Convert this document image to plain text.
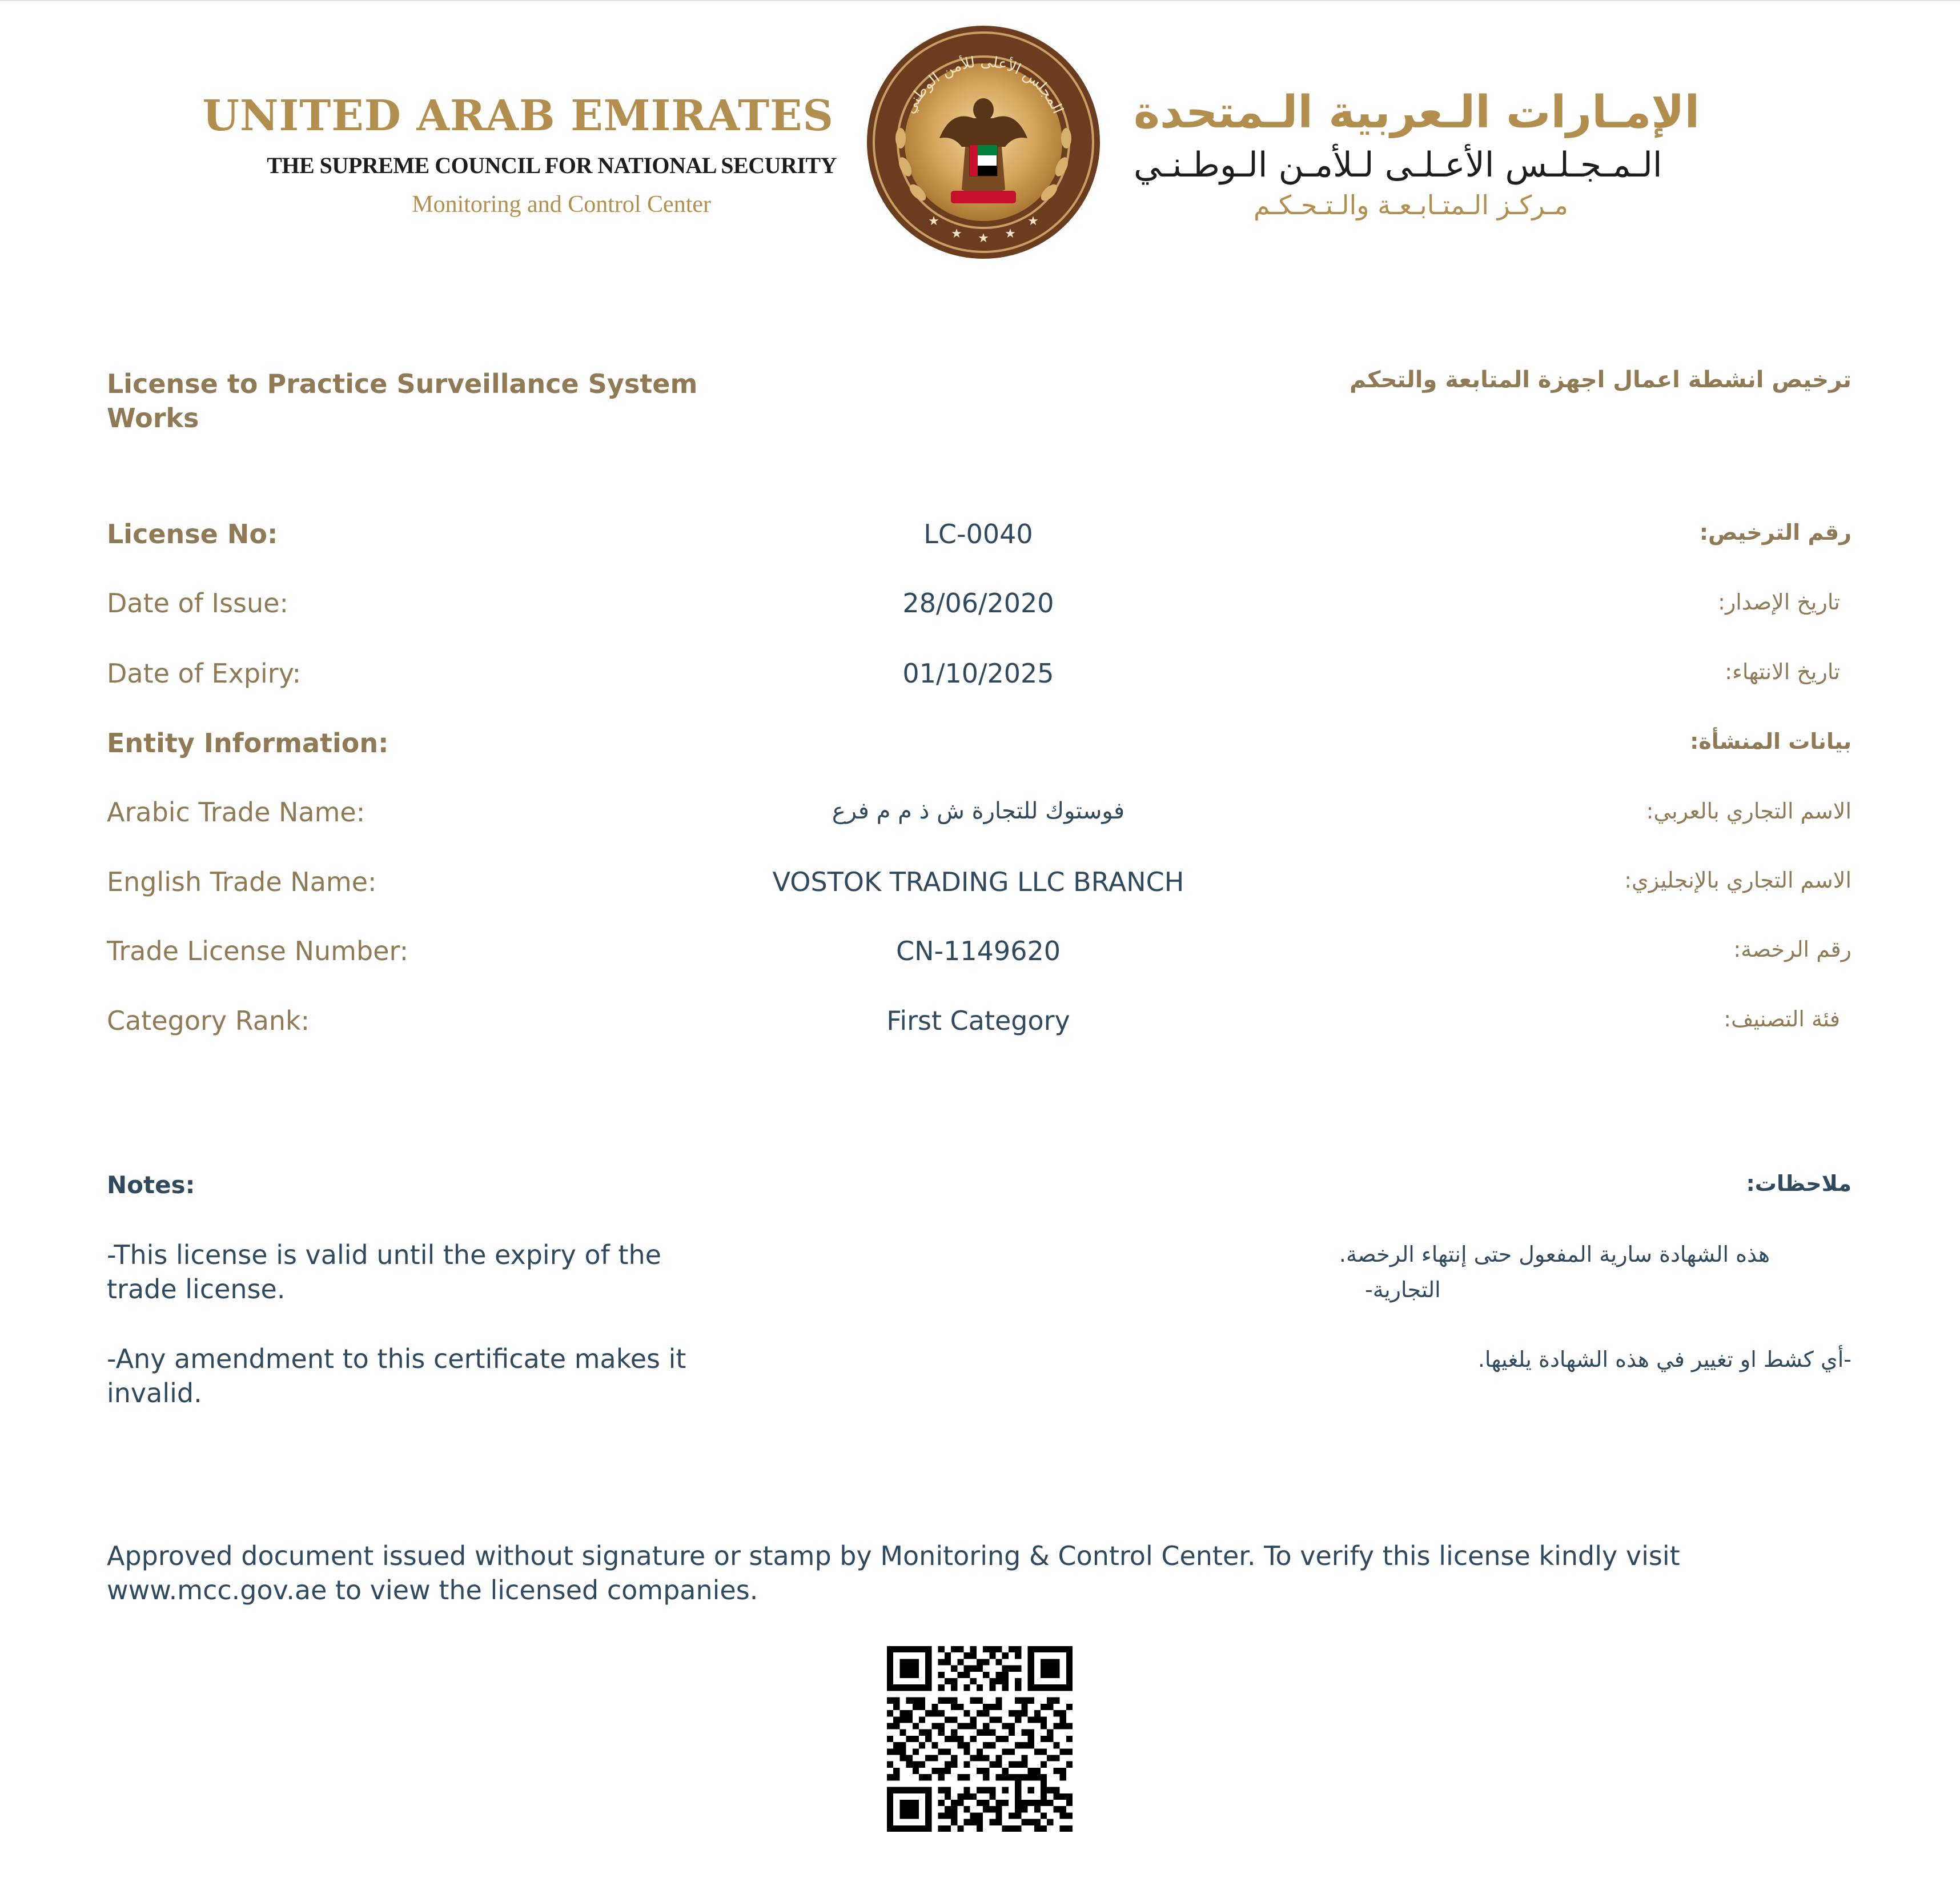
UNITED ARAB EMIRATES
THE SUPREME COUNCIL FOR NATIONAL SECURITY
Monitoring and Control Center
المجلس الأعلى للأمن الوطني
★
★ ★ ★
★
الإمـارات الـعربية الـمتحدة
الـمـجـلـس الأعـلـى لـلأمـن الـوطـنـي
مـركـز الـمتـابـعـة والـتـحـكـم
License to Practice Surveillance System Works
ترخيص انشطة اعمال اجهزة المتابعة والتحكم
License No:	LC-0040	رقم الترخيص:
Date of Issue:	28/06/2020	تاريخ الإصدار:
Date of Expiry:	01/10/2025	تاريخ الانتهاء:
Entity Information:	بيانات المنشأة:
Arabic Trade Name:	فوستوك للتجارة ش ذ م م فرع	الاسم التجاري بالعربي:
English Trade Name:	VOSTOK TRADING LLC BRANCH	الاسم التجاري بالإنجليزي:
Trade License Number:	CN-1149620	رقم الرخصة:
Category Rank:	First Category	فئة التصنيف:
Notes:	ملاحظات:
-This license is valid until the expiry of the trade license.
-Any amendment to this certificate makes it invalid.
هذه الشهادة سارية المفعول حتى إنتهاء الرخصة.
التجارية-
-أي كشط او تغيير في هذه الشهادة يلغيها.
Approved document issued without signature or stamp by Monitoring & Control Center. To verify this license kindly visit www.mcc.gov.ae to view the licensed companies.
